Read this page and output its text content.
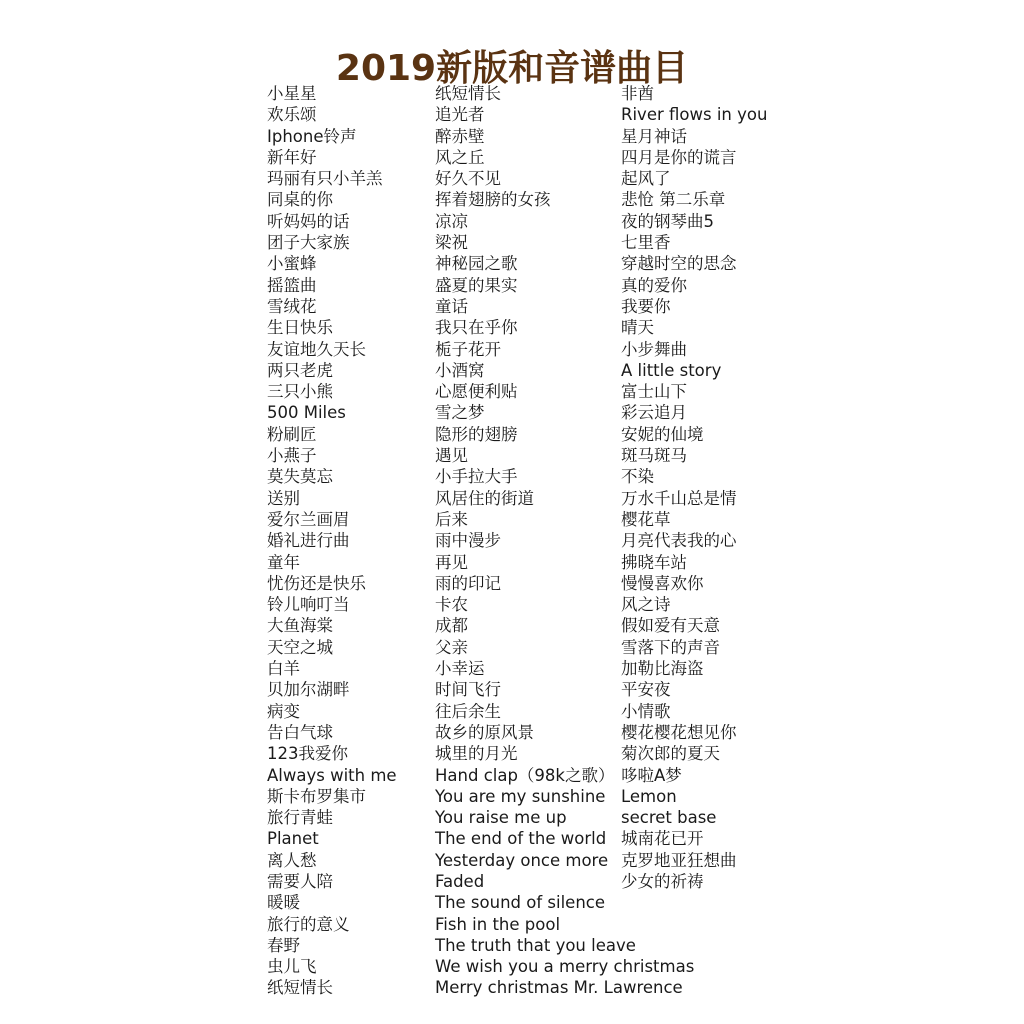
2019新版和音谱曲目
小星星
欢乐颂
Iphone铃声
新年好
玛丽有只小羊羔
同桌的你
听妈妈的话
团子大家族
小蜜蜂
摇篮曲
雪绒花
生日快乐
友谊地久天长
两只老虎
三只小熊
500 Miles
粉刷匠
小燕子
莫失莫忘
送别
爱尔兰画眉
婚礼进行曲
童年
忧伤还是快乐
铃儿响叮当
大鱼海棠
天空之城
白羊
贝加尔湖畔
病变
告白气球
123我爱你
Always with me
斯卡布罗集市
旅行青蛙
Planet
离人愁
需要人陪
暖暖
旅行的意义
春野
虫儿飞
纸短情长
纸短情长
追光者
醉赤壁
风之丘
好久不见
挥着翅膀的女孩
凉凉
梁祝
神秘园之歌
盛夏的果实
童话
我只在乎你
栀子花开
小酒窝
心愿便利贴
雪之梦
隐形的翅膀
遇见
小手拉大手
风居住的街道
后来
雨中漫步
再见
雨的印记
卡农
成都
父亲
小幸运
时间飞行
往后余生
故乡的原风景
城里的月光
Hand clap（98k之歌）
You are my sunshine
You raise me up
The end of the world
Yesterday once more
Faded
The sound of silence
Fish in the pool
The truth that you leave
We wish you a merry christmas
Merry christmas Mr. Lawrence
非酋
River flows in you
星月神话
四月是你的谎言
起风了
悲怆 第二乐章
夜的钢琴曲5
七里香
穿越时空的思念
真的爱你
我要你
晴天
小步舞曲
A little story
富士山下
彩云追月
安妮的仙境
斑马斑马
不染
万水千山总是情
樱花草
月亮代表我的心
拂晓车站
慢慢喜欢你
风之诗
假如爱有天意
雪落下的声音
加勒比海盗
平安夜
小情歌
樱花樱花想见你
菊次郎的夏天
哆啦A梦
Lemon
secret base
城南花已开
克罗地亚狂想曲
少女的祈祷
